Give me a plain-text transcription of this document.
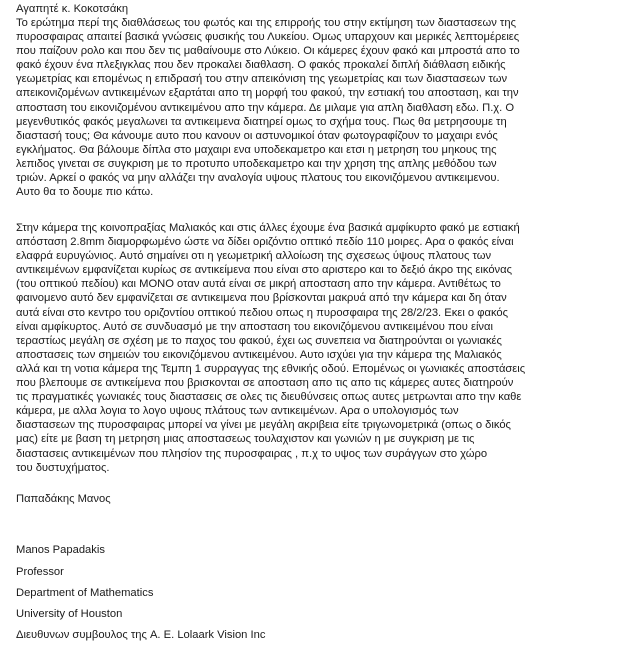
Αγαπητέ κ. Κοκοτσάκη

Το ερώτημα περί της διαθλάσεως του φωτός και της επιρροής του στην εκτίμηση των διαστασεων της
πυροσφαιρας απαιτεί βασικά γνώσεις φυσικής του Λυκείου. Ομως υπαρχουν και μερικές λεπτομέρειες
που παίζουν ρολο και που δεν τις μαθαίνουμε στο Λύκειο. Οι κάμερες έχουν φακό και μπροστά απο το
φακό έχουν ένα πλεξιγκλας που δεν προκαλει διαθλαση. Ο φακός προκαλεί διπλή διάθλαση ειδικής
γεωμετρίας και επομένως η επιδρασή του στην απεικόνιση της γεωμετρίας και των διαστασεων των
απεικονιζομένων αντικειμένων εξαρτάται απο τη μορφή του φακού, την εστιακή του αποσταση, και την
αποσταση του εικονιζομένου αντικειμένου απο την κάμερα. Δε μιλαμε για απλη διαθλαση εδω. Π.χ. Ο
μεγενθυτικός φακός μεγαλωνει τα αντικειμενα διατηρεί ομως το σχήμα τους. Πως θα μετρησουμε τη
διαστασή τους; Θα κάνουμε αυτο που κανουν οι αστυνομικοί όταν φωτογραφίζουν το μαχαιρι ενός
εγκλήματος. Θα βάλουμε δίπλα στο μαχαιρι ενα υποδεκαμετρο και ετσι η μετρηση του μηκους της
λεπιδος γινεται σε συγκριση με το προτυπο υποδεκαμετρο και την χρηση της απλης μεθόδου των
τριών. Αρκεί ο φακός να μην αλλάζει την αναλογία υψους πλατους του εικονιζόμενου αντικειμενου.
Αυτο θα το δουμε πιο κάτω.

Στην κάμερα της κοινοπραξίας Μαλιακός και στις άλλες έχουμε ένα βασικά αμφίκυρτο φακό με εστιακή
απόσταση 2.8mm διαμορφωμένο ώστε να δίδει οριζόντιο οπτικό πεδίο 110 μοιρες. Αρα ο φακός είναι
ελαφρά ευρυγώνιος. Αυτό σημαίνει οτι η γεωμετρική αλλοίωση της σχεσεως ύψους πλατους των
αντικειμένων εμφανίζεται κυρίως σε αντικείμενα που είναι στο αριστερο και το δεξιό άκρο της εικόνας
(του οπτικού πεδίου) και ΜΟΝΟ οταν αυτά είναι σε μικρή αποσταση απο την κάμερα. Αντιθέτως το
φαινομενο αυτό δεν εμφανίζεται σε αντικειμενα που βρίσκονται μακρυά από την κάμερα και δη όταν
αυτά είναι στο κεντρο του οριζοντίου οπτικού πεδιου οπως η πυροσφαιρα της 28/2/23. Εκει ο φακός
είναι αμφίκυρτος. Αυτό σε συνδυασμό με την αποσταση του εικονιζόμενου αντικειμένου που είναι
τεραστίως μεγάλη σε σχέση με το παχος του φακού, έχει ως συνεπεια να διατηρούνται οι γωνιακές
αποστασεις των σημειών του εικονιζόμενου αντικειμένου. Αυτο ισχύει για την κάμερα της Μαλιακός
αλλά και τη νοτια κάμερα της Τεμπη 1 συρραγγας της εθνικής οδού. Επομένως οι γωνιακές αποστάσεις
που βλεπουμε σε αντικείμενα που βρισκονται σε αποσταση απο τις απο τις κάμερες αυτες διατηρούν
τις πραγματικές γωνιακές τους διαστασεις σε ολες τις διευθύνσεις οπως αυτες μετρωνται απο την καθε
κάμερα, με αλλα λογια το λογο υψους πλάτους των αντικειμένων. Αρα ο υπολογισμός των
διαστασεων της πυροσφαιρας μπορεί να γίνει με μεγάλη ακριβεια είτε τριγωνομετρικά (οπως ο δικός
μας) είτε με βαση τη μετρηση μιας αποστασεως τουλαχιστον και γωνιών η με συγκριση με τις
διαστασεις αντικειμένων που πλησίον της πυροσφαιρας , π.χ το υψος των συράγγων στο χώρο
του δυστυχήματος.

Παπαδάκης Μανος

Manos Papadakis
Professor
Department of Mathematics
University of Houston
Διευθυνων συμβουλος της A. E. Lolaark Vision Inc
